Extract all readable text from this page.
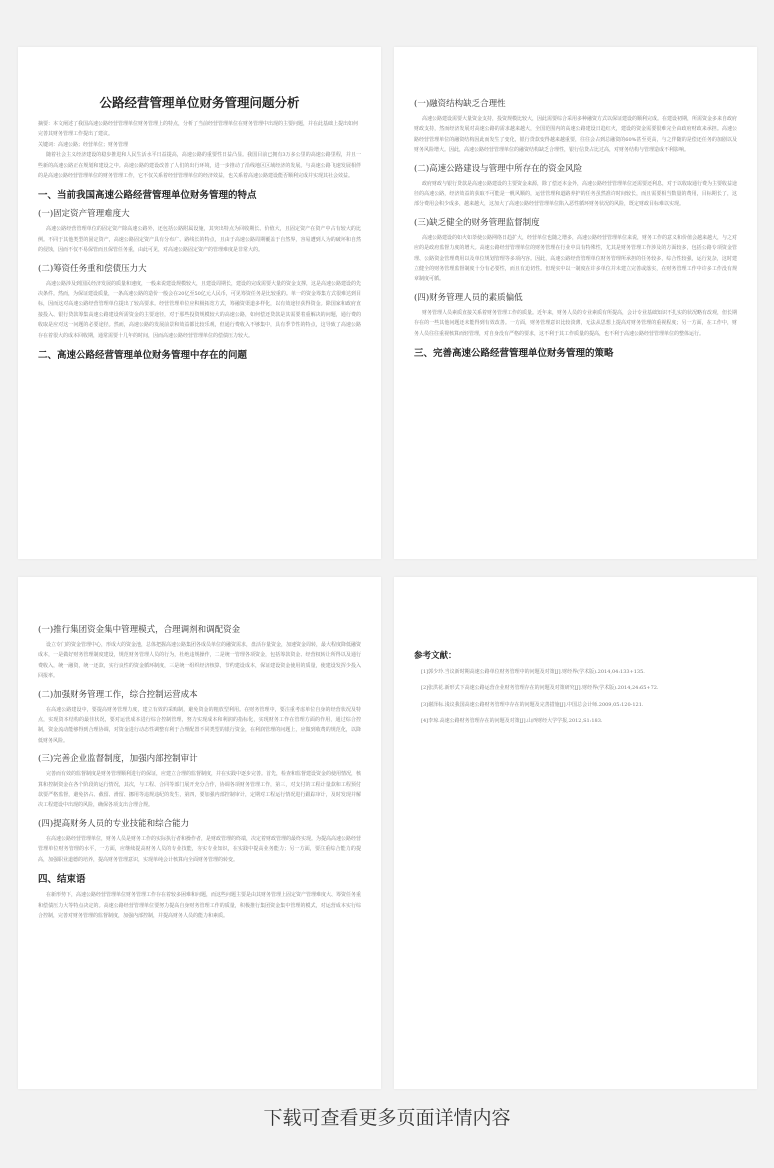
公路经营管理单位财务管理问题分析

摘要：本文阐述了我国高速公路经营管理单位财务管理上的特点，分析了当前经营管理单位在财务管理中出现的主要问题，并在此基础上提出如何完善其财务管理工作提出了建议。

关键词：高速公路；经营单位；财务管理

随着社会主义经济建设的稳步推进和人民生活水平日益提高，高速公路的重要性日益凸显。我国目前已拥有3万多公里的高速公路里程，并且一些新的高速公路正在规划和建设之中。高速公路的建设改善了人们的出行环境，进一步推动了沿线地区区域经济的发展。与高速公路飞速发展相伴的是高速公路经营管理单位的财务管理工作，它不仅关系着经营管理单位的经济效益，也关系着高速公路建设能否顺利完成并实现其社会效益。

一、当前我国高速公路经营管理单位财务管理的特点
(一)固定资产管理难度大

高速公路经营管理单位的固定资产除高速公路外，还包括公路附属设施，其突出特点为回收期长、价值大，且固定资产在资产中占有较大的比例。不同于其他类型的固定资产，高速公路固定资产具有分布广、路线长的特点，且由于高速公路周期覆盖于自然界，容易遭到人为的破坏和自然的侵蚀，因而不仅不易保管而且保管任务重，由此可见，对高速公路固定资产的管理难度是非常大的。

(二)筹资任务重和偿债压力大

高速公路涉及到国民经济发展的质量和速度，一般来说建设规模较大，且建设周期长，建设的完成需要大量的资金支撑，这是高速公路建设的先决条件。然而，为保证建设质量，一条高速公路的造价一般会在20亿至50亿元人民币，可见筹资任务是比较重的。单一的资金筹集方式很难达到目标，因而这对高速公路经营管理单位提出了较高要求。经营管理单位应积极拓宽方式，筹融资渠道多样化，以有效途径获得资金。除国家和政府直接投入、银行贷款筹集高速公路建设所需资金的主要途径，对于那些投资规模较大的高速公路，如何偿还贷款是其需要着重解决的问题，通行费的收取是应对这一问题的必要途径。然而，高速公路的发展前景和效益都比较乐观，但通行费收入不够集中，具有季节性的特点，这导致了高速公路存在着很大的成本回收期，通常需要十几年的时间，因而高速公路经营管理单位的偿债压力较大。

二、高速公路经营管理单位财务管理中存在的问题
(一)融资结构缺乏合理性

高速公路建设需要大量资金支持，投资规模比较大，因此需要综合采用多种融资方式以保证建设的顺利完成。在建设初期，所需资金多来自政府财政支持，然而经济发展对高速公路的需求越来越大，全国范围内的高速公路建设日趋红火，建设的资金需要很难完全由政府财政来承担。高速公路经营管理单位的融资结构因此而发生了变化，银行贷款变得越来越重要，往往会占到总融资的60%甚至更高，与之伴随的是偿还任务的加剧以及财务风险增大。因此，高速公路经营管理单位的融资结构缺乏合理性，银行信贷占比过高，对财务结构与管理造成不利影响。

(二)高速公路建设与管理中所存在的资金风险

政府财政与银行贷款是高速公路建设的主要资金来源，除了偿还本金外，高速公路经营管理单位还需要还利息，对于以收取通行费为主要收益途径的高速公路，经济效益的获取不可能是一帆风顺的，运营管理和道路养护的任务虽然准许时间较长，而且需要相当数量的费用，目标期长了，这部分费用会积少成多，越来越大，这加大了高速公路经营管理单位陷入恶性循环财务状况的风险，既定财政目标难以实现。

(三)缺乏健全的财务管理监督制度

高速公路建设的如火如荼使公路网络日趋扩大，经营单位也随之增多，高速公路经营管理单位来说，财务工作的意义和价值会越来越大，与之对应的是政府监督力度的增大。高速公路经营管理单位的财务管理在行业中具有特殊性，尤其是财务管理工作涉及的方面较多，包括公路专项资金管理、公路资金管理费用以及单位规划管理等多项内容。因此，高速公路经营管理单位财务管理所承担的任务较多，综合性较强，运行复杂，这时建立健全的财务管理监督制度十分有必要性，而且有迫切性。但现实中以一制度在许多单位并未建立完善或落实，在财务管理工作中许多工作没有规章制度可循。

(四)财务管理人员的素质偏低

财务管理人员素质直接关系着财务管理工作的质量。近年来，财务人员的专业素质有所提高，会计专业基础知识不扎实的状况略有改观，但长期存在的一些其他问题还未能得到有效改善。一方面，财务管理意识比较淡薄，无法从思想上提高对财务管理的重视程度；另一方面，在工作中，财务人员往往重视核算而轻管理，对自身没有严格的要求，这不利于其工作质量的提高，也不利于高速公路经营管理单位的整体运行。

三、完善高速公路经营管理单位财务管理的策略
(一)推行集团资金集中管理模式，合理调剂和调配资金

设立专门的资金管理中心，形成大的资金池，总体把握高速公路集团各成员单位的融资需求，盘活存量资金，加速资金周转，最大程度降低融资成本，一是做好财务管理制度建设，规范财务管理人员的行为，杜绝违规操作，二是统一管理各项资金，包括筹款资金、经营权转让所得以及通行费收入，统一融资，统一还款，实行良性的资金循环制度，三是统一组织经济核算，节约建设成本，保证建设资金使用的质量，使建设发挥少投入回报率。

(二)加强财务管理工作，综合控制运营成本

在高速公路建设中，要提高财务管理力度，建立有效的采购制，避免资金的粗放型利用。在财务管理中，要注重考虑单位自身的经营状况及特点，实现资本结构的最佳状况，要对运营成本进行综合控制管理，努力实现成本和利润的指标化，实现财务工作在管理方面的作用，通过综合控制，资金流动能够得到合理协调，对资金进行动态性调整有利于合理配置不同类型的银行资金，在利润管理的问题上，应做到收费的规范化，以降低财务风险。

(三)完善企业监督制度，加强内部控制审计

完善而有效的监督制度是财务管理顺利进行的保证，应建立合理的监督制度，并在实践中逐步完善。首先，检查和监督建设资金的使用情况，核算和控制资金在各个阶段的运行情况，其次，与工程、合同等部门展开充分合作，协调各项财务管理工作，第三，对支付的工程计量款和工程预付款要严格监督，避免挤占、截留、滑留、挪用等违规违纪的发生，第四，要加强内部控制审计，定期对工程运行情况进行跟踪审计，及时发现并解决工程建设中出现的风险，确保各项支出合理合规。

(四)提高财务人员的专业技能和综合能力

在高速公路经营管理单位，财务人员是财务工作的实际执行者和操作者，是财政管理的终端，决定着财政管理的最终实现。为提高高速公路经营管理单位财务管理的水平，一方面，应继续提高财务人员的专业技能，夯实专业知识，在实践中提高业务能力；另一方面，要注重综合能力的提高，加强职业道德的培养，提高财务管理意识，实现单纯会计核算向全面财务管理的转变。

四、结束语

在新形势下，高速公路经营管理单位财务管理工作存在着较多困难和问题，而这些问题主要是由其财务管理上固定资产管理难度大、筹资任务重和偿债压力大等特点决定的。高速公路经营管理单位要努力提高自身财务管理工作的质量，积极推行集团资金集中管理的模式，对运营成本实行综合控制，完善对财务管理的监督制度，加强内部控制，并提高财务人员的能力和素质。

参考文献：

[1]郭少玲.当议新时期高速公路单位财务管理中的问题及对策[J].财经界(学术版).2014,04:133+135.

[2]张洪花.新形式下高速公路运营企业财务管理存在的问题及对策研究[J].财经界(学术版).2014,24:65+72.

[3]谢泽标.浅议我国高速公路财务管理中存在的问题及完善措施[J].中国总会计师.2009,05:120-121.

[4]李琼.高速公路财务管理存在的问题及对策[J].山西财经大学学报,2012,S1:183.

下载可查看更多页面详情内容
